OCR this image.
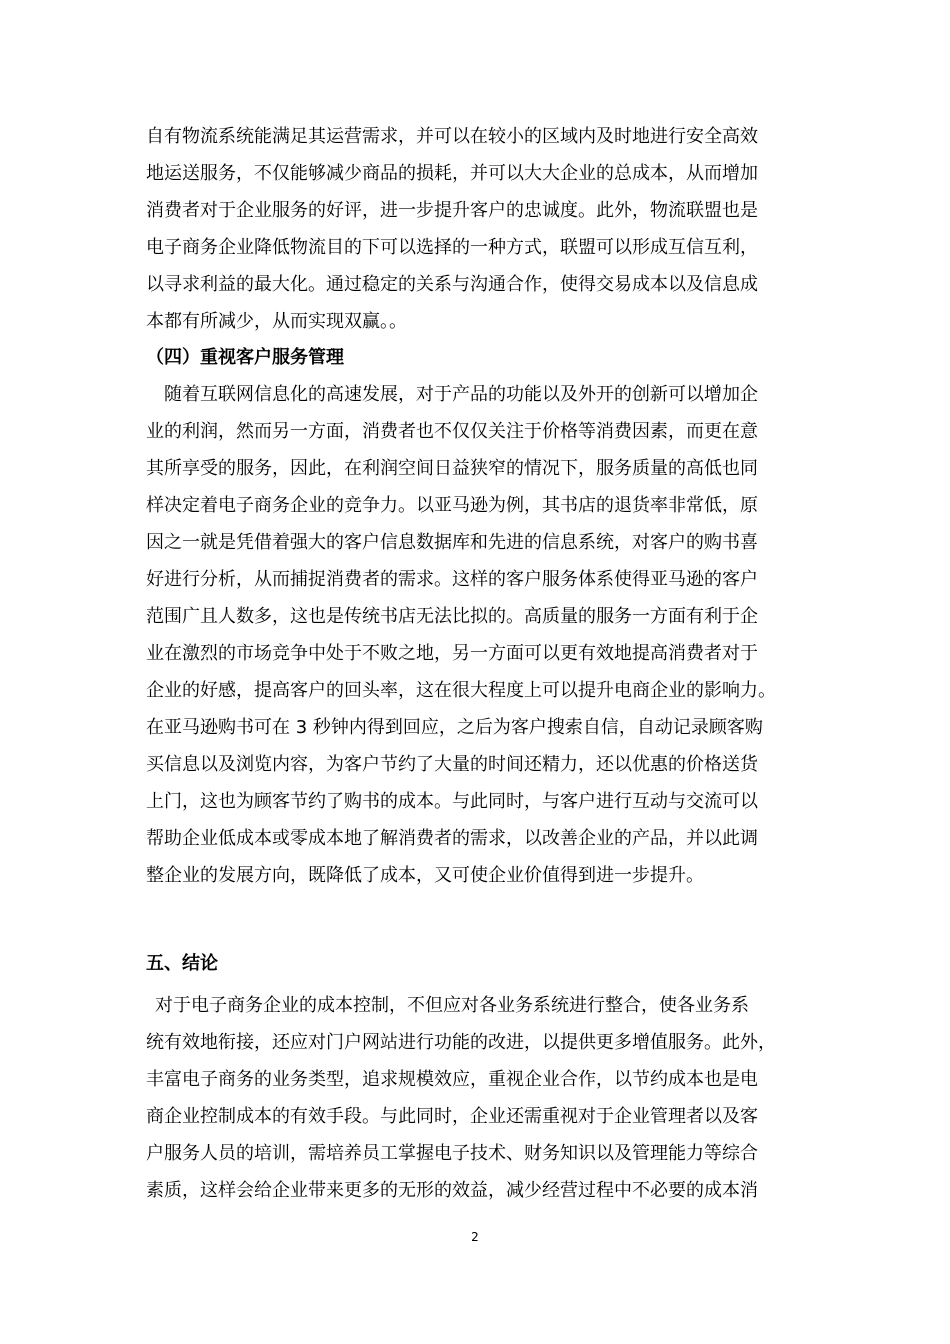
自有物流系统能满足其运营需求，并可以在较小的区域内及时地进行安全高效
地运送服务，不仅能够减少商品的损耗，并可以大大企业的总成本，从而增加
消费者对于企业服务的好评，进一步提升客户的忠诚度。此外，物流联盟也是
电子商务企业降低物流目的下可以选择的一种方式，联盟可以形成互信互利，
以寻求利益的最大化。通过稳定的关系与沟通合作，使得交易成本以及信息成
本都有所减少，从而实现双赢。。
（四）重视客户服务管理
随着互联网信息化的高速发展，对于产品的功能以及外开的创新可以增加企
业的利润，然而另一方面，消费者也不仅仅关注于价格等消费因素，而更在意
其所享受的服务，因此，在利润空间日益狭窄的情况下，服务质量的高低也同
样决定着电子商务企业的竞争力。以亚马逊为例，其书店的退货率非常低，原
因之一就是凭借着强大的客户信息数据库和先进的信息系统，对客户的购书喜
好进行分析，从而捕捉消费者的需求。这样的客户服务体系使得亚马逊的客户
范围广且人数多，这也是传统书店无法比拟的。高质量的服务一方面有利于企
业在激烈的市场竞争中处于不败之地，另一方面可以更有效地提高消费者对于
企业的好感，提高客户的回头率，这在很大程度上可以提升电商企业的影响力。
在亚马逊购书可在 3 秒钟内得到回应，之后为客户搜索自信，自动记录顾客购
买信息以及浏览内容，为客户节约了大量的时间还精力，还以优惠的价格送货
上门，这也为顾客节约了购书的成本。与此同时，与客户进行互动与交流可以
帮助企业低成本或零成本地了解消费者的需求，以改善企业的产品，并以此调
整企业的发展方向，既降低了成本，又可使企业价值得到进一步提升。
五、结论
对于电子商务企业的成本控制，不但应对各业务系统进行整合，使各业务系
统有效地衔接，还应对门户网站进行功能的改进，以提供更多增值服务。此外，
丰富电子商务的业务类型，追求规模效应，重视企业合作，以节约成本也是电
商企业控制成本的有效手段。与此同时，企业还需重视对于企业管理者以及客
户服务人员的培训，需培养员工掌握电子技术、财务知识以及管理能力等综合
素质，这样会给企业带来更多的无形的效益，减少经营过程中不必要的成本消
2
